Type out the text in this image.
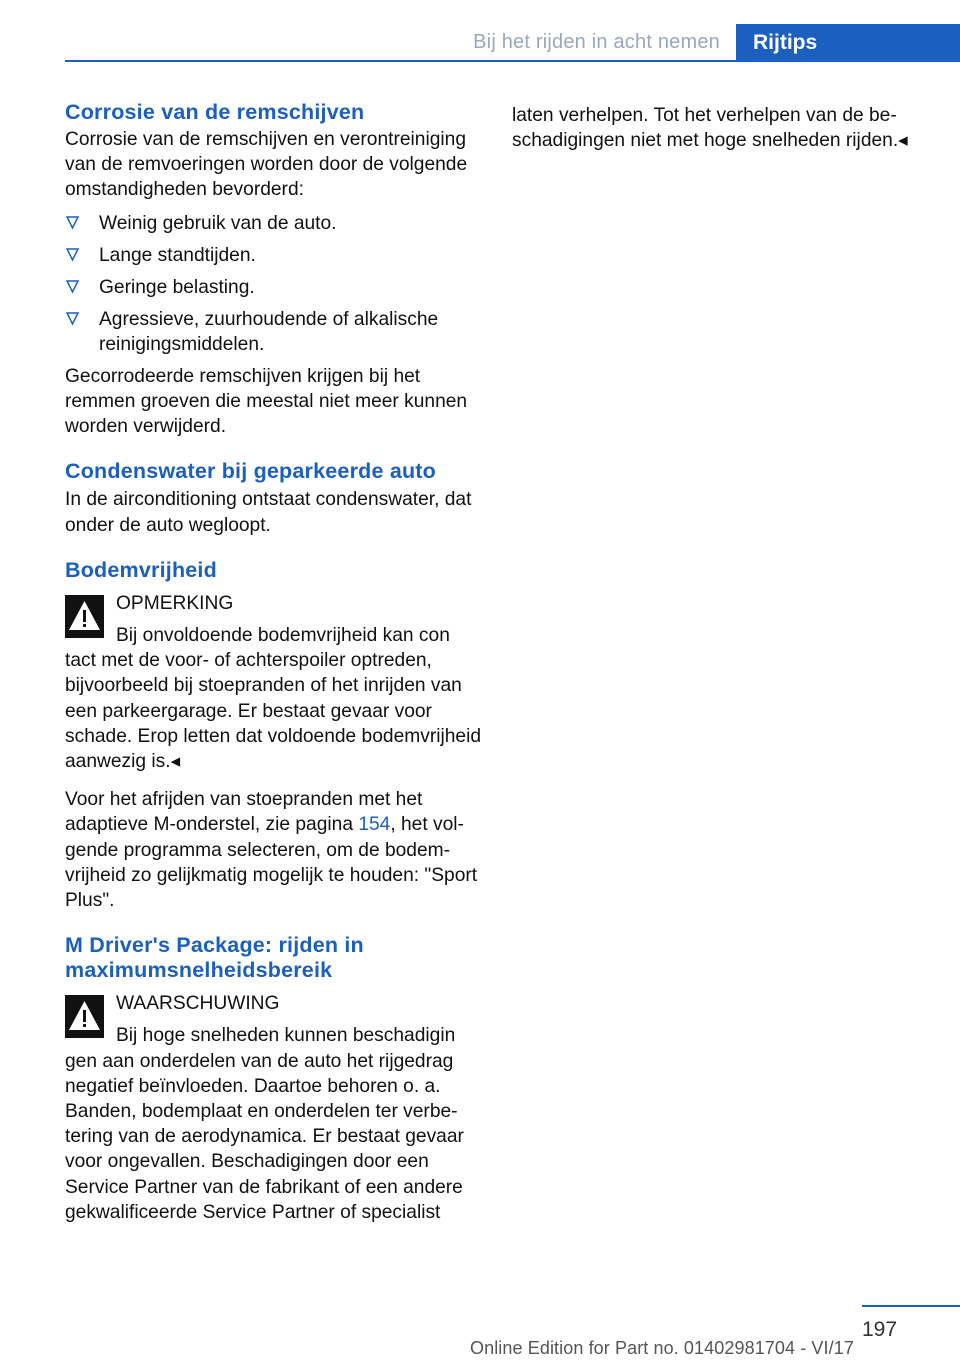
Bij het rijden in acht nemen	Rijtips
Corrosie van de remschijven

Corrosie van de remschijven en verontreiniging van de remvoeringen worden door de volgende omstandigheden bevorderd:

Weinig gebruik van de auto.
Lange standtijden.
Geringe belasting.
Agressieve, zuurhoudende of alkalische reinigingsmiddelen.

Gecorrodeerde remschijven krijgen bij het remmen groeven die meestal niet meer kunnen worden verwijderd.

Condenswater bij geparkeerde auto

In de airconditioning ontstaat condenswater, dat onder de auto wegloopt.

Bodemvrijheid
OPMERKING

Bij onvoldoende bodemvrijheid kan con

tact met de voor- of achterspoiler optreden, bijvoorbeeld bij stoepranden of het inrijden van een parkeergarage. Er bestaat gevaar voor schade. Erop letten dat voldoende bodemvrijheid aanwezig is.◂

Voor het afrijden van stoepranden met het adaptieve M-onderstel, zie pagina 154, het volgende programma selecteren, om de bodemvrijheid zo gelijkmatig mogelijk te houden: "Sport Plus".

M Driver's Package: rijden in maximumsnelheidsbereik
WAARSCHUWING

Bij hoge snelheden kunnen beschadigin

gen aan onderdelen van de auto het rijgedrag negatief beïnvloeden. Daartoe behoren o. a. Banden, bodemplaat en onderdelen ter verbetering van de aerodynamica. Er bestaat gevaar voor ongevallen. Beschadigingen door een Service Partner van de fabrikant of een andere gekwalificeerde Service Partner of specialist

laten verhelpen. Tot het verhelpen van de beschadigingen niet met hoge snelheden rijden.◂

197
Online Edition for Part no. 01402981704 - VI/17
